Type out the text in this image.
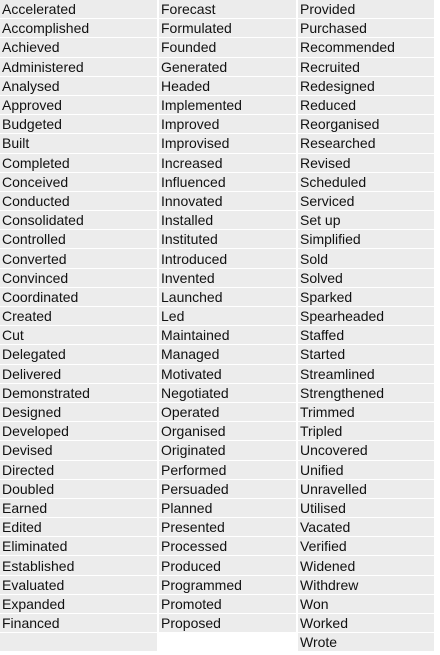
Accelerated	Forecast	Provided
Accomplished	Formulated	Purchased
Achieved	Founded	Recommended
Administered	Generated	Recruited
Analysed	Headed	Redesigned
Approved	Implemented	Reduced
Budgeted	Improved	Reorganised
Built	Improvised	Researched
Completed	Increased	Revised
Conceived	Influenced	Scheduled
Conducted	Innovated	Serviced
Consolidated	Installed	Set up
Controlled	Instituted	Simplified
Converted	Introduced	Sold
Convinced	Invented	Solved
Coordinated	Launched	Sparked
Created	Led	Spearheaded
Cut	Maintained	Staffed
Delegated	Managed	Started
Delivered	Motivated	Streamlined
Demonstrated	Negotiated	Strengthened
Designed	Operated	Trimmed
Developed	Organised	Tripled
Devised	Originated	Uncovered
Directed	Performed	Unified
Doubled	Persuaded	Unravelled
Earned	Planned	Utilised
Edited	Presented	Vacated
Eliminated	Processed	Verified
Established	Produced	Widened
Evaluated	Programmed	Withdrew
Expanded	Promoted	Won
Financed	Proposed	Worked
		Wrote
